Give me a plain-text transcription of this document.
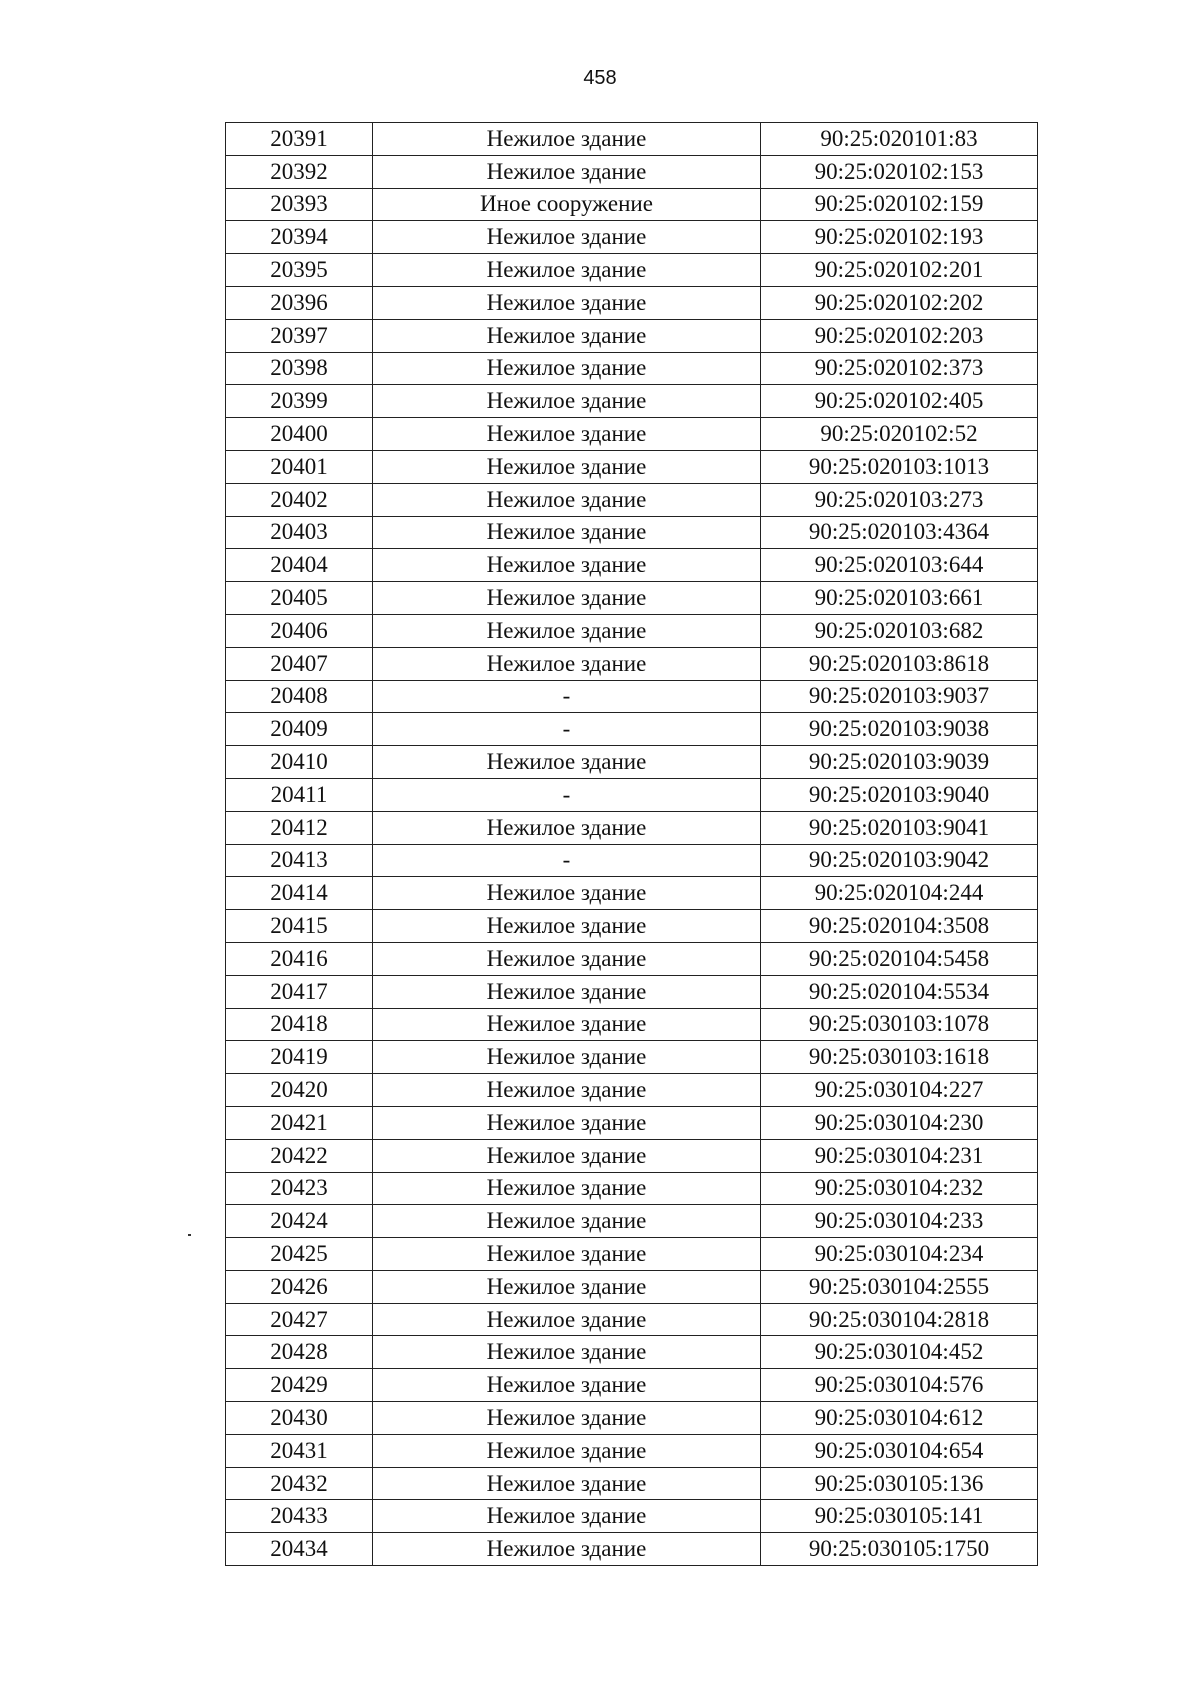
458
20391	Нежилое здание	90:25:020101:83
20392	Нежилое здание	90:25:020102:153
20393	Иное сооружение	90:25:020102:159
20394	Нежилое здание	90:25:020102:193
20395	Нежилое здание	90:25:020102:201
20396	Нежилое здание	90:25:020102:202
20397	Нежилое здание	90:25:020102:203
20398	Нежилое здание	90:25:020102:373
20399	Нежилое здание	90:25:020102:405
20400	Нежилое здание	90:25:020102:52
20401	Нежилое здание	90:25:020103:1013
20402	Нежилое здание	90:25:020103:273
20403	Нежилое здание	90:25:020103:4364
20404	Нежилое здание	90:25:020103:644
20405	Нежилое здание	90:25:020103:661
20406	Нежилое здание	90:25:020103:682
20407	Нежилое здание	90:25:020103:8618
20408	-	90:25:020103:9037
20409	-	90:25:020103:9038
20410	Нежилое здание	90:25:020103:9039
20411	-	90:25:020103:9040
20412	Нежилое здание	90:25:020103:9041
20413	-	90:25:020103:9042
20414	Нежилое здание	90:25:020104:244
20415	Нежилое здание	90:25:020104:3508
20416	Нежилое здание	90:25:020104:5458
20417	Нежилое здание	90:25:020104:5534
20418	Нежилое здание	90:25:030103:1078
20419	Нежилое здание	90:25:030103:1618
20420	Нежилое здание	90:25:030104:227
20421	Нежилое здание	90:25:030104:230
20422	Нежилое здание	90:25:030104:231
20423	Нежилое здание	90:25:030104:232
20424	Нежилое здание	90:25:030104:233
20425	Нежилое здание	90:25:030104:234
20426	Нежилое здание	90:25:030104:2555
20427	Нежилое здание	90:25:030104:2818
20428	Нежилое здание	90:25:030104:452
20429	Нежилое здание	90:25:030104:576
20430	Нежилое здание	90:25:030104:612
20431	Нежилое здание	90:25:030104:654
20432	Нежилое здание	90:25:030105:136
20433	Нежилое здание	90:25:030105:141
20434	Нежилое здание	90:25:030105:1750
